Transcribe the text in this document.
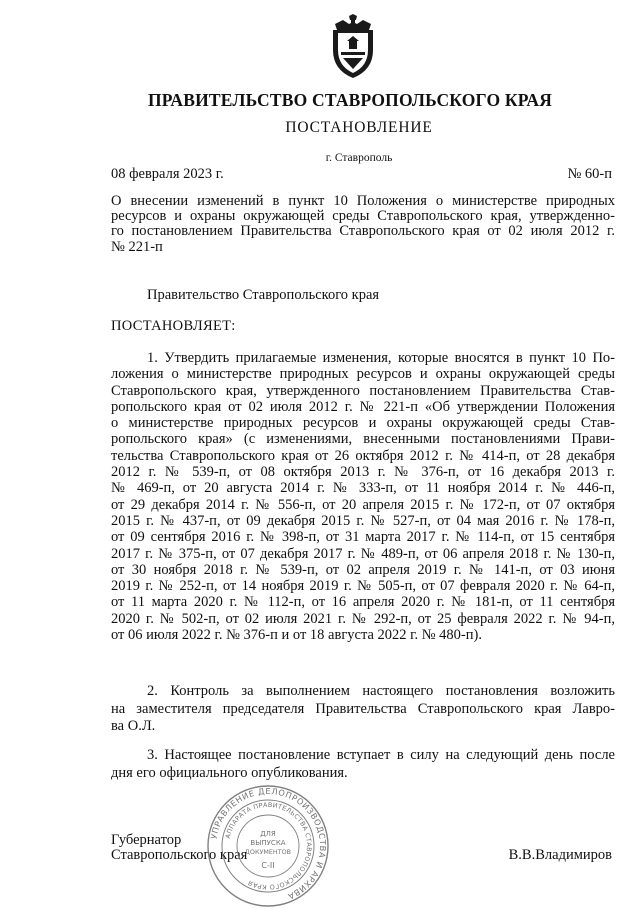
ПРАВИТЕЛЬСТВО СТАВРОПОЛЬСКОГО КРАЯ
ПОСТАНОВЛЕНИЕ
г. Ставрополь
08 февраля 2023 г.	№ 60-п
О внесении изменений в пункт 10 Положения о министерстве природных
ресурсов и охраны окружающей среды Ставропольского края, утвержденно-
го постановлением Правительства Ставропольского края от 02 июля 2012 г.
№ 221-п
Правительство Ставропольского края
ПОСТАНОВЛЯЕТ:
1. Утвердить прилагаемые изменения, которые вносятся в пункт 10 По-
ложения о министерстве природных ресурсов и охраны окружающей среды
Ставропольского края, утвержденного постановлением Правительства Став-
ропольского края от 02 июля 2012 г. № 221-п «Об утверждении Положения
о министерстве природных ресурсов и охраны окружающей среды Став-
ропольского края» (с изменениями, внесенными постановлениями Прави-
тельства Ставропольского края от 26 октября 2012 г. № 414-п, от 28 декабря
2012 г. № 539-п, от 08 октября 2013 г. № 376-п, от 16 декабря 2013 г.
№ 469-п, от 20 августа 2014 г. № 333-п, от 11 ноября 2014 г. № 446-п,
от 29 декабря 2014 г. № 556-п, от 20 апреля 2015 г. № 172-п, от 07 октября
2015 г. № 437-п, от 09 декабря 2015 г. № 527-п, от 04 мая 2016 г. № 178-п,
от 09 сентября 2016 г. № 398-п, от 31 марта 2017 г. № 114-п, от 15 сентября
2017 г. № 375-п, от 07 декабря 2017 г. № 489-п, от 06 апреля 2018 г. № 130-п,
от 30 ноября 2018 г. № 539-п, от 02 апреля 2019 г. № 141-п, от 03 июня
2019 г. № 252-п, от 14 ноября 2019 г. № 505-п, от 07 февраля 2020 г. № 64-п,
от 11 марта 2020 г. № 112-п, от 16 апреля 2020 г. № 181-п, от 11 сентября
2020 г. № 502-п, от 02 июля 2021 г. № 292-п, от 25 февраля 2022 г. № 94-п,
от 06 июля 2022 г. № 376-п и от 18 августа 2022 г. № 480-п).
2. Контроль за выполнением настоящего постановления возложить
на заместителя председателя Правительства Ставропольского края Лавро-
ва О.Л.
3. Настоящее постановление вступает в силу на следующий день после
дня его официального опубликования.
Губернатор
Ставропольского края	В.В.Владимиров
УПРАВЛЕНИЕ ДЕЛОПРОИЗВОДСТВА И АРХИВА
АППАРАТА ПРАВИТЕЛЬСТВА СТАВРОПОЛЬСКОГО КРАЯ
ДЛЯ
ВЫПУСКА
ДОКУМЕНТОВ
С-II
